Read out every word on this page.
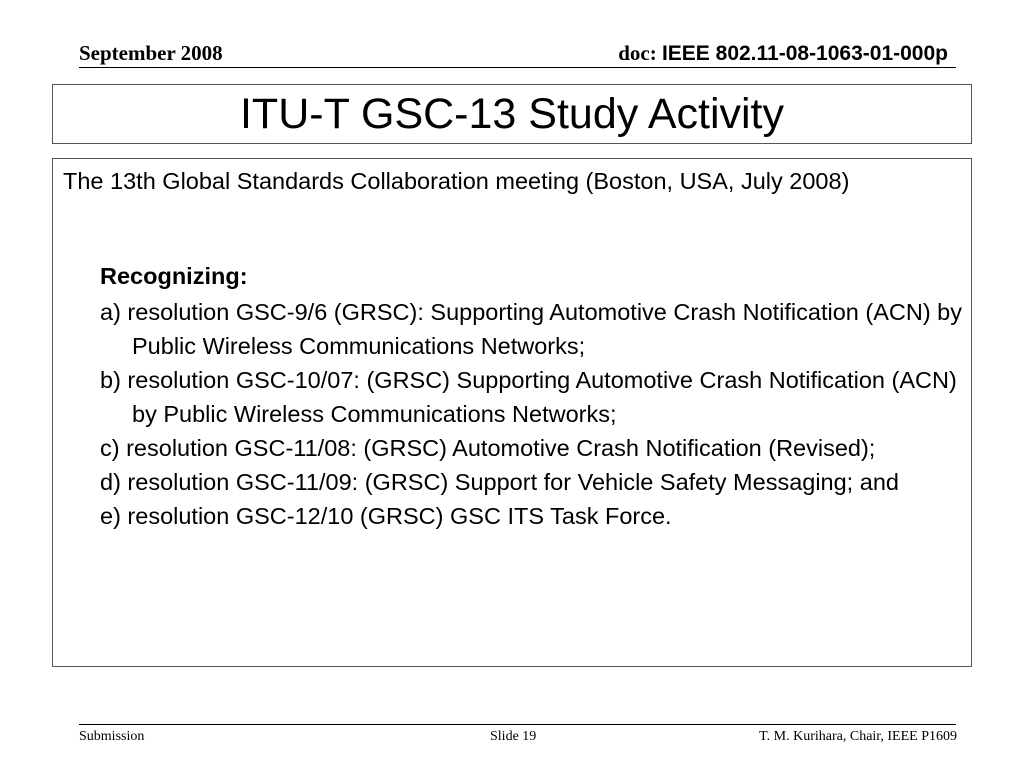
September 2008	doc: IEEE 802.11-08-1063-01-000p
ITU-T GSC-13 Study Activity
The 13th Global Standards Collaboration meeting (Boston, USA, July 2008)
Recognizing:
a) resolution GSC-9/6 (GRSC): Supporting Automotive Crash Notification (ACN) by Public Wireless Communications Networks;
b) resolution GSC-10/07: (GRSC) Supporting Automotive Crash Notification (ACN) by Public Wireless Communications Networks;
c) resolution GSC-11/08: (GRSC) Automotive Crash Notification (Revised);
d) resolution GSC-11/09: (GRSC) Support for Vehicle Safety Messaging; and
e) resolution GSC-12/10 (GRSC) GSC ITS Task Force.
Submission	Slide 19	T. M. Kurihara, Chair, IEEE P1609
